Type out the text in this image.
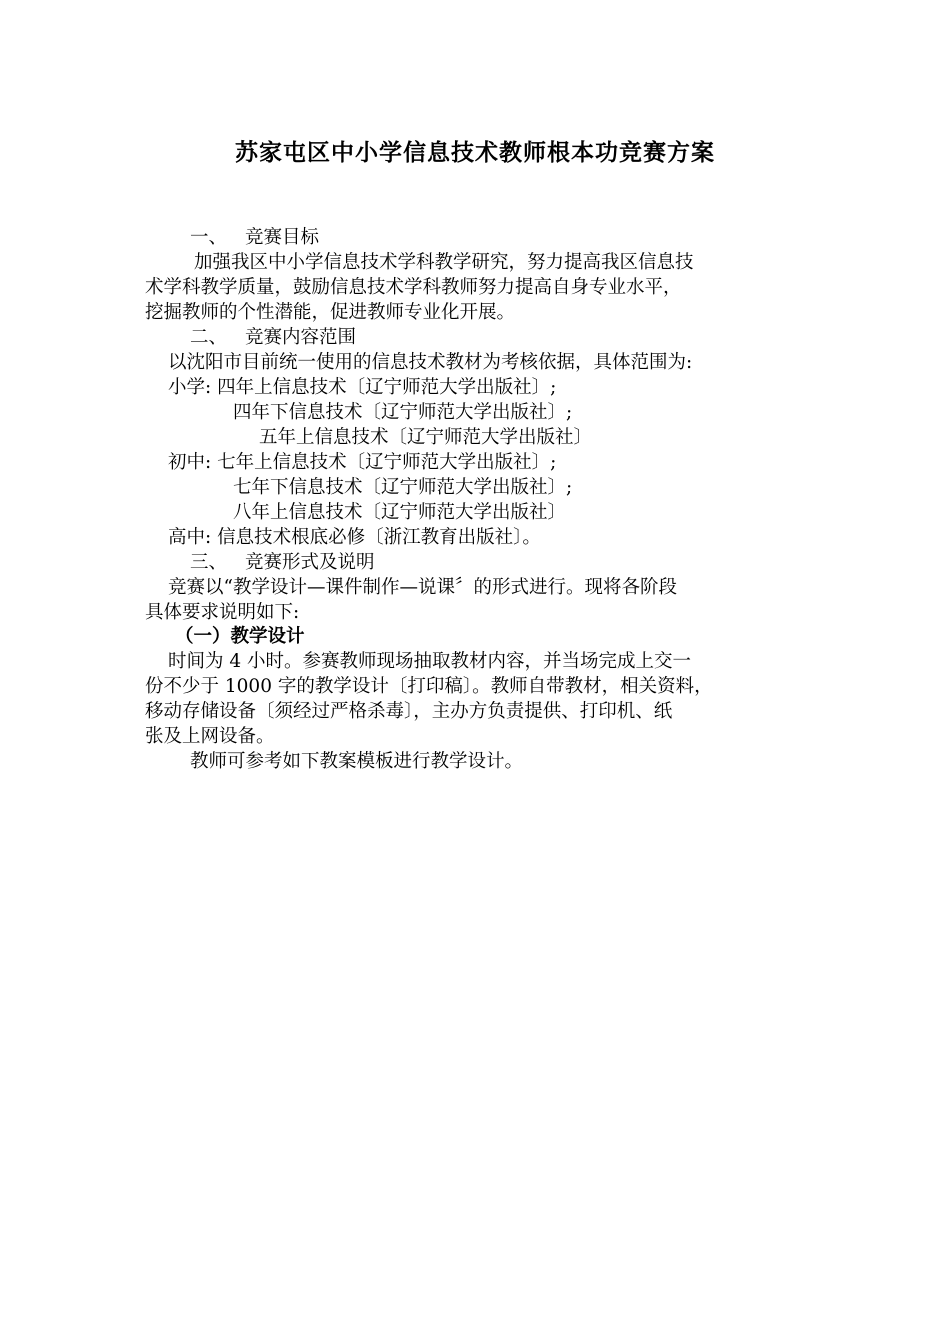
苏家屯区中小学信息技术教师根本功竞赛方案
一、 竞赛目标
加强我区中小学信息技术学科教学研究，努力提高我区信息技
术学科教学质量，鼓励信息技术学科教师努力提高自身专业水平，
挖掘教师的个性潜能，促进教师专业化开展。
二、 竞赛内容范围
以沈阳市目前统一使用的信息技术教材为考核依据，具体范围为:
小学: 四年上信息技术〔辽宁师范大学出版社〕;
四年下信息技术〔辽宁师范大学出版社〕;
五年上信息技术〔辽宁师范大学出版社〕
初中: 七年上信息技术〔辽宁师范大学出版社〕;
七年下信息技术〔辽宁师范大学出版社〕;
八年上信息技术〔辽宁师范大学出版社〕
高中: 信息技术根底必修〔浙江教育出版社〕。
三、 竞赛形式及说明
竞赛以“教学设计—课件制作—说课〞的形式进行。现将各阶段
具体要求说明如下:
（一）教学设计
时间为 4 小时。参赛教师现场抽取教材内容，并当场完成上交一
份不少于 1000 字的教学设计〔打印稿〕。教师自带教材，相关资料，
移动存储设备〔须经过严格杀毒〕，主办方负责提供、打印机、纸
张及上网设备。
教师可参考如下教案模板进行教学设计。
